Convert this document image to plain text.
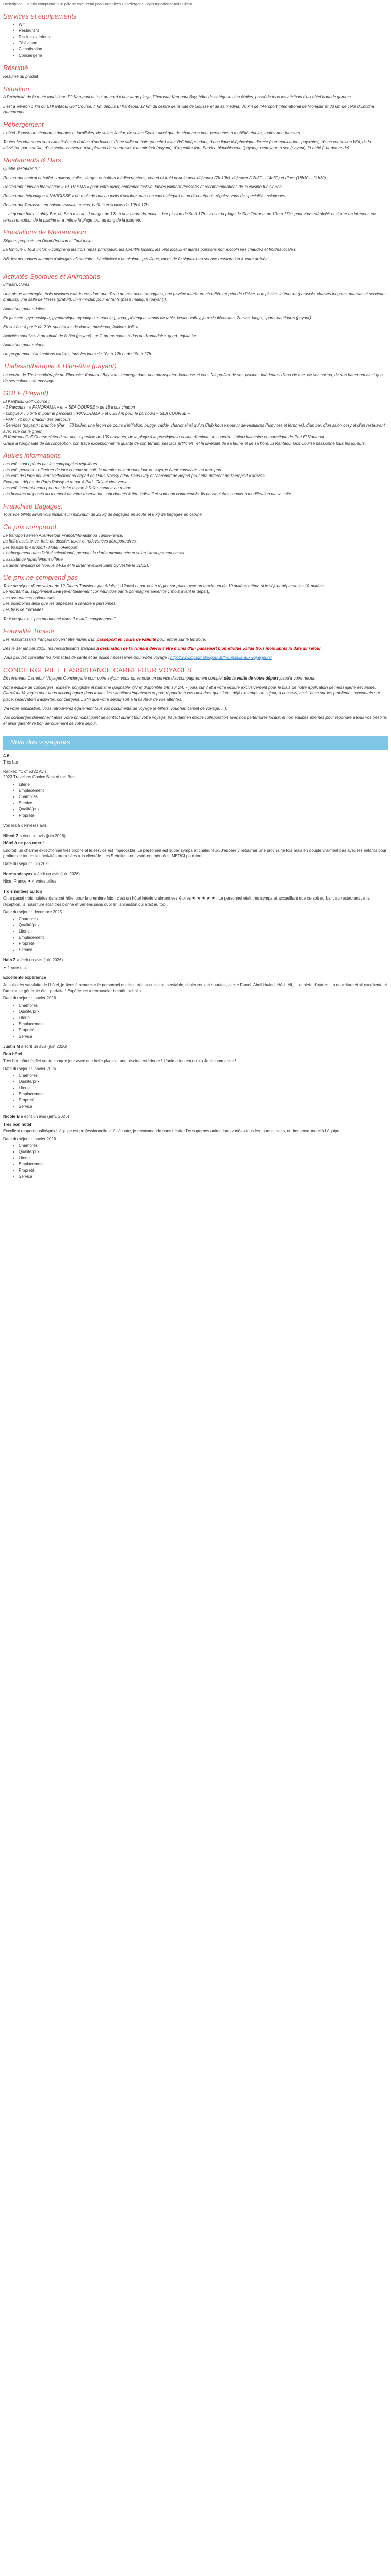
Description: Ce prix comprend : Ce prix ne comprend pas Formalités Conciergerie Logis tripadvisor Avis Client
Services et équipements
• Wifi
• Restaurant
• Piscine extérieure
• Télévision
• Climatisation
• Conciergerie
Résumé

Résumé du produit

Situation

A l'extrémité de la route touristique P2 Kantaoui et tout au bord d'une large plage, l'Iberostar Kantaoui Bay, hôtel de catégorie cinq étoiles, possède tous les attributs d'un hôtel haut de gamme.

Il est à environ 1 km du El Kantaoui Golf Course, 4 km depuis El Kantaoui, 12 km du centre de la ville de Sousse et de sa médina, 30 km de l'Aéroport international de Monastir et 33 km de celui d'Enfidha Hammamet.

Hébergement

L'hôtel dispose de chambres doubles et familiales, de suites Junior, de suites Senior ainsi que de chambres pour personnes à mobilité réduite, toutes non-fumeurs.

Toutes les chambres sont climatisées et dotées d'un balcon, d'une salle de bain (douche) avec WC indépendant, d'une ligne téléphonique directe (communications payantes), d'une connexion Wifi, de la télévision par satellite, d'un sèche-cheveux, d'un plateau de courtoisie, d'un minibar (payant), d'un coffre-fort. Service blanchisserie (payant), nettoyage à sec (payant), lit bébé (sur demande).

Restaurants & Bars

Quatre restaurants :

Restaurant central et buffet : rouleau, huiles vierges et buffets méditerranéens, chaud et froid pour le petit-déjeuner (7h-10h), déjeuner (12h30 – 14h30) et dîner (18h30 – 21h30).

Restaurant tunisien thématique « EL RAHMA » pour votre dîner, ambiance festive, tables joliment dressées et recommandations de la cuisine tunisienne.

Restaurant thématique « NARCISSE » du mois de mai au mois d'octobre, dans un cadre élégant et un décor épuré, régalez-vous de spécialités asiatiques.

Restaurant Terrasse : en saison estivale, encas, buffets et snacks de 10h à 17h.

… et quatre bars : Lobby Bar, de 8h à minuit – Lounge, de 17h à une heure du matin – bar piscine de 9h à 17h – et sur la plage, le Sun Terrace, de 10h à 17h : pour vous rafraîchir et siroter en intérieur, en terrasse, autour de la piscine et à même la plage tout au long de la journée.

Prestations de Restauration

Séjours proposés en Demi-Pension et Tout Inclus

La formule « Tout Inclus » comprend les trois repas principaux, les apéritifs locaux, les vins locaux et autres boissons non alcoolisées chaudes et froides locales.

NB: les personnes attentes d'allergies alimentaires bénéficient d'un régime spécifique, merci de le signaler au service restauration à votre arrivée.

Activités Sportives et Animations

Infrastructures

Une plage aménagée, trois piscines extérieures dont une d'eau de mer avec toboggans, une piscine intérieure chauffée en période d'hiver, une piscine intérieure (parasols, chaises longues, matelas et serviettes gratuits), une salle de fitness (gratuit), un mini-club pour enfants (base nautique (payant)).

Animation pour adultes

En journée : gymnastique, gymnastique aquatique, stretching, yoga, pétanque, tennis de table, beach-volley, jeux de fléchettes, Zumba, bingo, sports nautiques (payant).

En soirée : à partir de 21h, spectacles de danse, musicaux, folklore, folk »...

Activités sportives à proximité de l'hôtel (payant) : golf, promenades à dos de dromadaire, quad, équitation.

Animation pour enfants

Un programme d'animations variées, tous les jours de 10h à 12h et de 15h à 17h.

Thalassothérapie & Bien-être (payant)

Le centre de Thalassothérapie de l'Iberostar Kantaoui Bay vous immerge dans une atmosphère luxueuse et vous fait profiter de ses piscines intérieures d'eau de mer, de son sauna, de son hammam ainsi que de ses cabines de massage.

GOLF (Payant)

El Kantaoui Golf Course :

- 2 Parcours : « PANORAMA » et « SEA COURSE » de 18 trous chacun

- Longueur : 6 045 m pour le parcours « PANORAMA » et 6 253 m pour le parcours « SEA COURSE »

- PAR : 72 pour chacun des parcours

- Services (payant) : practice (Par = 50 balles, une leçon de cours d'initiation, buggy, caddy, chariot ainsi qu'un Club house pourvu de vestiaires (hommes et femmes), d'un bar, d'un salon cosy et d'un restaurant avec vue sur le green.

El Kantaoui Golf Course s'étend sur une superficie de 130 hectares, de la plage à la prestigieuse colline dominant le superbe station balnéaire et touristique de Port El Kantaoui.

Grâce à l'originalité de sa conception, son tracé exceptionnel, la qualité de son terrain, ses lacs artificiels, et la diversité de sa faune et de sa flore, El Kantaoui Golf Course passionne tous les joueurs.

Autres informations

Les vols sont opérés par les compagnies régulières.

Les vols peuvent s'effectuer de jour comme de nuit, le premier et le dernier jour du voyage étant consacrés au transport.

Les vols de Paris peuvent s'effectuer au départ de Paris-Roissy et/ou Paris-Orly et l'aéroport de départ peut être différent de l'aéroport d'arrivée.

Exemple : départ de Paris Roissy et retour à Paris Orly et vice versa.

Les vols internationaux pourront faire escale à l'aller comme au retour.

Les horaires proposés au moment de votre réservation sont donnés à titre indicatif et sont non contractuels. Ils peuvent être soumis à modification par la suite.

Franchise Bagages:

Tous vos billets avion vols incluent un minimum de 23 kg de bagages en soute et 8 kg de bagages en cabine.

Ce prix comprend

Le transport aérien Aller/Retour France/Monastir ou Tunis/France.

La boîte assistance, frais de dossier, taxes et redevances aéroportuaires.

Les transferts Aéroport - Hôtel - Aéroport.

L'hébergement dans l'hôtel sélectionné, pendant la durée mentionnée et selon l'arrangement choisi.

L'assistance rapatriement offerte.

La dîner réveillon de Noël le 24/12 et le dîner réveillon Saint Sylvestre le 31/12).

Ce prix ne comprend pas

Taxe de séjour d'une valeur de 12 Dinars Tunisiens par Adulte (+12ans) et par nuit à régler sur place avec un maximum de 10 nuitées même si le séjour dépasse les 10 nuitées.

Le montant du supplément Eval (éventuellement communiqué par la compagnie aérienne 1 mois avant le départ).

Les assurances optionnelles.

Les pourboires ainsi que les dépenses à caractère personnel.

Les frais de formalités.

Tout ce qui n'est pas mentionné dans "Le tarifs comprennent".

Formalité Tunisie

Les ressortissants français doivent être munis d'un passeport en cours de validité pour entrer sur le territoire.

Dès le 1er janvier 2015, les ressortissants français à destination de la Tunisie devront être munis d'un passeport biométrique valide trois mois après la date du retour.

Vous pouvez consulter les formalités de santé et de police nécessaires pour votre voyage : http://www.diplomatie.gouv.fr/fr/conseils-aux-voyageurs/

CONCIERGERIE ET ASSISTANCE CARREFOUR VOYAGES

En réservant Carrefour Voyages Conciergerie pour votre séjour, vous optez pour un service d'accompagnement complet dès la veille de votre départ jusqu'à votre retour.

Notre équipe de concierges, experte, polyglotte et humaine (joignable 7j/7 et disponible 24h sur 24, 7 jours sur 7 et à votre écoute exclusivement pour le biais de notre application de messagerie sécurisée, Carrefour Voyages pour vous accompagner dans toutes les situations imprévues et pour répondre à vos moindres questions, déjà en temps de séjour, à conseils, assistance sur les problèmes rencontrés sur place, réservation d'activités, conciergerie... afin que votre séjour soit à la hauteur de vos attentes.

Via votre application, vous retrouverez également tous vos documents de voyage (e-billets, voucher, carnet de voyage, ...).

Vos concierges deviennent alors votre principal point de contact durant tout votre voyage, travaillant en étroite collaboration avec nos partenaires locaux et nos équipes internes pour répondre à tous vos besoins et ainsi garantir le bon déroulement de votre séjour.

Note des voyageurs
4.6
Très bon
Ranked #1 of 5322 Avis
2023 Travellers Choice Best of the Best
• Literie
• Emplacement
• Chambres
• Service
• Qualité/prix
• Propreté
Voir les 5 dernières avis
Nihed Z a écrit un avis (juin 2026)
Hôtel à ne pas rater !
Endroit: un charme exceptionnel très propre et le service est impeccable. Le personnel est super sympa et chaleureux. J'espère y retourner une prochaine fois mais en couple vraiment pas avec les enfants pour profiter de toutes les activités proposées à la clientèle. Les 5 étoiles sont vraiment méritées. MERCI pour tout
Date du séjour : juin 2026
Normandesyxx a écrit un avis (juin 2026)
Nice, France ✦ 4 votes utiles
Trois nuitées au top
On a passé trois nuitées dans cet hôtel pour la première fois , c'est un hôtel intérie vraiment ses étoiles ★ ★ ★ ★ ★ . Le personnel était très sympa et accueillant que ce soit au bar , au restaurant , à la réception, la nourriture était très bonne et variées sans oublier l'animation qui était au top .
Date du séjour : décembre 2025
• Chambres
• Qualité/prix
• Literie
• Emplacement
• Propreté
• Service
Halb Z a écrit un avis (juin 2026)
✦ 1 vote utile
Excellente expérience
Je suis très satisfaite de l'hôtel, je tiens à remercier le personnel qui était très accueillant, serviable, chaleureux et souriant, je cite Flavol, Abel khaled, Hédi, Ali, ... et plein d'autres. La nourriture était excellente et l'ambiance générale était parfaite ! Expérience à renouveler bientôt Inchalla
Date du séjour : janvier 2026
• Chambres
• Qualité/prix
• Literie
• Emplacement
• Propreté
• Service
Justin M a écrit un avis (juin 2026)
Bon hôtel
Très bon hôtel (reflet vente chaque jour avec une belle plage et une piscine extérieure ! L'animation est un + ) Je recommande !
Date du séjour : janvier 2026
• Chambres
• Qualité/prix
• Literie
• Emplacement
• Propreté
• Service
Nicole B a écrit un avis (janv. 2026)
Très bon hôtel
Excellent rapport qualité/prix L'équipe est professionnelle et à l'écoute, je recommande sans hésiter De superbes animations variées tous les jours et soirs, un immense merci à l'équipe.
Date du séjour : janvier 2026
• Chambres
• Qualité/prix
• Literie
• Emplacement
• Propreté
• Service
